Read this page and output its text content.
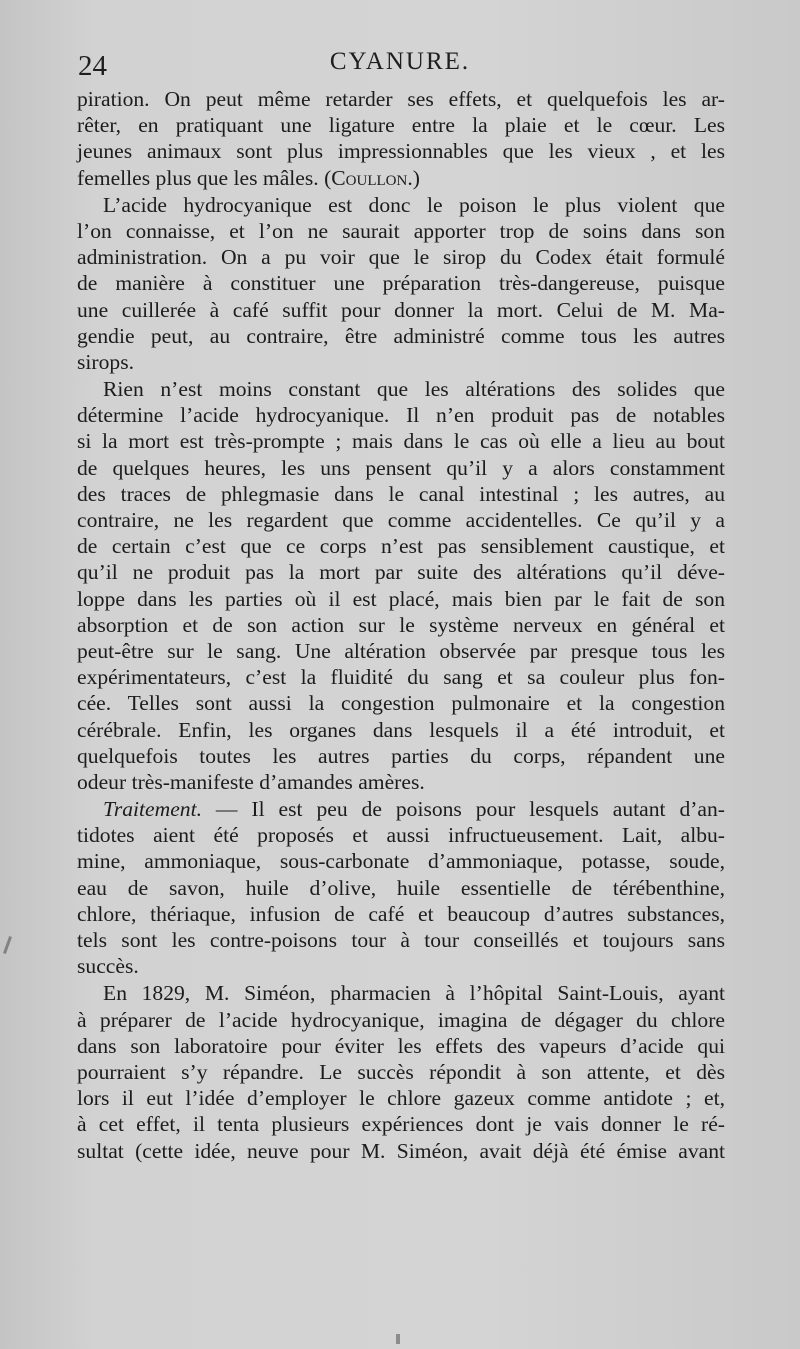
24	CYANURE.
piration. On peut même retarder ses effets, et quelquefois les ar-
rêter, en pratiquant une ligature entre la plaie et le cœur. Les
jeunes animaux sont plus impressionnables que les vieux , et les
femelles plus que les mâles. (Coullon.)
L’acide hydrocyanique est donc le poison le plus violent que
l’on connaisse, et l’on ne saurait apporter trop de soins dans son
administration. On a pu voir que le sirop du Codex était formulé
de manière à constituer une préparation très-dangereuse, puisque
une cuillerée à café suffit pour donner la mort. Celui de M. Ma-
gendie peut, au contraire, être administré comme tous les autres
sirops.
Rien n’est moins constant que les altérations des solides que
détermine l’acide hydrocyanique. Il n’en produit pas de notables
si la mort est très-prompte ; mais dans le cas où elle a lieu au bout
de quelques heures, les uns pensent qu’il y a alors constamment
des traces de phlegmasie dans le canal intestinal ; les autres, au
contraire, ne les regardent que comme accidentelles. Ce qu’il y a
de certain c’est que ce corps n’est pas sensiblement caustique, et
qu’il ne produit pas la mort par suite des altérations qu’il déve-
loppe dans les parties où il est placé, mais bien par le fait de son
absorption et de son action sur le système nerveux en général et
peut-être sur le sang. Une altération observée par presque tous les
expérimentateurs, c’est la fluidité du sang et sa couleur plus fon-
cée. Telles sont aussi la congestion pulmonaire et la congestion
cérébrale. Enfin, les organes dans lesquels il a été introduit, et
quelquefois toutes les autres parties du corps, répandent une
odeur très-manifeste d’amandes amères.
Traitement. — Il est peu de poisons pour lesquels autant d’an-
tidotes aient été proposés et aussi infructueusement. Lait, albu-
mine, ammoniaque, sous-carbonate d’ammoniaque, potasse, soude,
eau de savon, huile d’olive, huile essentielle de térébenthine,
chlore, thériaque, infusion de café et beaucoup d’autres substances,
tels sont les contre-poisons tour à tour conseillés et toujours sans
succès.
En 1829, M. Siméon, pharmacien à l’hôpital Saint-Louis, ayant
à préparer de l’acide hydrocyanique, imagina de dégager du chlore
dans son laboratoire pour éviter les effets des vapeurs d’acide qui
pourraient s’y répandre. Le succès répondit à son attente, et dès
lors il eut l’idée d’employer le chlore gazeux comme antidote ; et,
à cet effet, il tenta plusieurs expériences dont je vais donner le ré-
sultat (cette idée, neuve pour M. Siméon, avait déjà été émise avant
